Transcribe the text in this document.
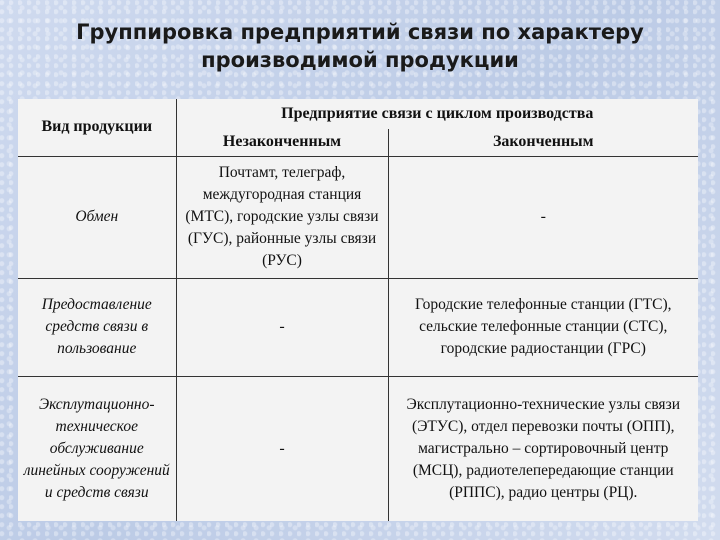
Группировка предприятий связи по характеру
производимой продукции
Вид продукции	Предприятие связи с циклом производства	
	Незаконченным	Законченным
Обмен	Почтамт, телеграф, междугородная станция (МТС), городские узлы связи (ГУС), районные узлы связи (РУС)	-
Предоставление средств связи в пользование	-	Городские телефонные станции (ГТС), сельские телефонные станции (СТС), городские радиостанции (ГРС)
Эксплутационно-техническое обслуживание линейных сооружений и средств связи	-	Эксплутационно-технические узлы связи (ЭТУС), отдел перевозки почты (ОПП), магистрально – сортировочный центр (МСЦ), радиотелепередающие станции (РППС), радио центры (РЦ).
